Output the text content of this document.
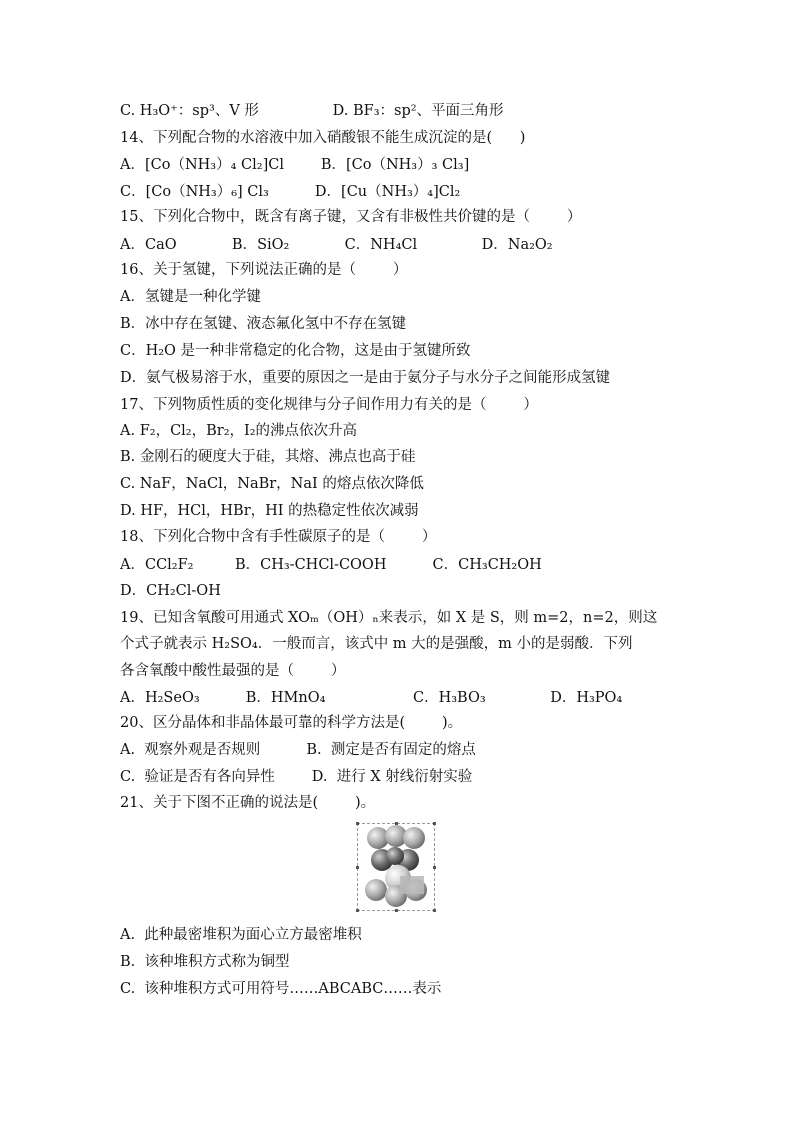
C. H₃O⁺：sp³、V 形                D. BF₃：sp²、平面三角形
14、下列配合物的水溶液中加入硝酸银不能生成沉淀的是(      )
A．[Co（NH₃）₄ Cl₂]Cl        B．[Co（NH₃）₃ Cl₃]
C．[Co（NH₃）₆] Cl₃          D．[Cu（NH₃）₄]Cl₂
15、下列化合物中，既含有离子键，又含有非极性共价键的是（        ）
A．CaO            B．SiO₂            C．NH₄Cl              D．Na₂O₂
16、关于氢键，下列说法正确的是（        ）
A．氢键是一种化学键
B．冰中存在氢键、液态氟化氢中不存在氢键
C．H₂O 是一种非常稳定的化合物，这是由于氢键所致
D．氨气极易溶于水，重要的原因之一是由于氨分子与水分子之间能形成氢键
17、下列物质性质的变化规律与分子间作用力有关的是（        ）
A. F₂，Cl₂，Br₂，I₂的沸点依次升高
B. 金刚石的硬度大于硅，其熔、沸点也高于硅
C. NaF，NaCl，NaBr，NaI 的熔点依次降低
D. HF，HCl，HBr，HI 的热稳定性依次减弱
18、下列化合物中含有手性碳原子的是（        ）
A．CCl₂F₂         B．CH₃-CHCl-COOH          C．CH₃CH₂OH
D．CH₂Cl-OH
19、已知含氧酸可用通式 XOₘ（OH）ₙ来表示，如 X 是 S，则 m=2，n=2，则这
个式子就表示 H₂SO₄．一般而言，该式中 m 大的是强酸，m 小的是弱酸．下列
各含氧酸中酸性最强的是（        ）
A．H₂SeO₃          B．HMnO₄                   C．H₃BO₃              D．H₃PO₄
20、区分晶体和非晶体最可靠的科学方法是(        )。
A.  观察外观是否规则          B.  测定是否有固定的熔点
C.  验证是否有各向异性        D.  进行 X 射线衍射实验
21、关于下图不正确的说法是(        )。
A.  此种最密堆积为面心立方最密堆积
B.  该种堆积方式称为铜型
C.  该种堆积方式可用符号……ABCABC……表示
